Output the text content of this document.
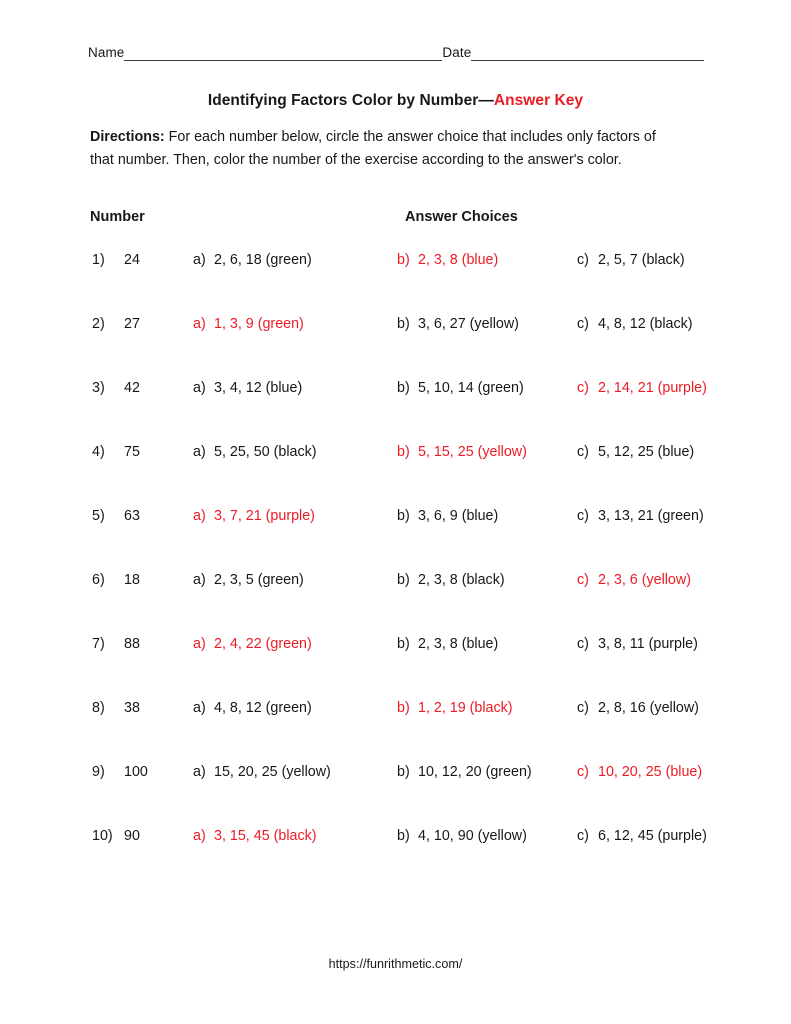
Name	Date
Identifying Factors Color by Number—Answer Key
Directions: For each number below, circle the answer choice that includes only factors of that number. Then, color the number of the exercise according to the answer's color.
Number	Answer Choices
1)	24	a) 2, 6, 18 (green)	b) 2, 3, 8 (blue)	c) 2, 5, 7 (black)
2)	27	a) 1, 3, 9 (green)	b) 3, 6, 27 (yellow)	c) 4, 8, 12 (black)
3)	42	a) 3, 4, 12 (blue)	b) 5, 10, 14 (green)	c) 2, 14, 21 (purple)
4)	75	a) 5, 25, 50 (black)	b) 5, 15, 25 (yellow)	c) 5, 12, 25 (blue)
5)	63	a) 3, 7, 21 (purple)	b) 3, 6, 9 (blue)	c) 3, 13, 21 (green)
6)	18	a) 2, 3, 5 (green)	b) 2, 3, 8 (black)	c) 2, 3, 6 (yellow)
7)	88	a) 2, 4, 22 (green)	b) 2, 3, 8 (blue)	c) 3, 8, 11 (purple)
8)	38	a) 4, 8, 12 (green)	b) 1, 2, 19 (black)	c) 2, 8, 16 (yellow)
9)	100	a) 15, 20, 25 (yellow)	b) 10, 12, 20 (green)	c) 10, 20, 25 (blue)
10) 90	a) 3, 15, 45 (black)	b) 4, 10, 90 (yellow)	c) 6, 12, 45 (purple)
https://funrithmetic.com/
